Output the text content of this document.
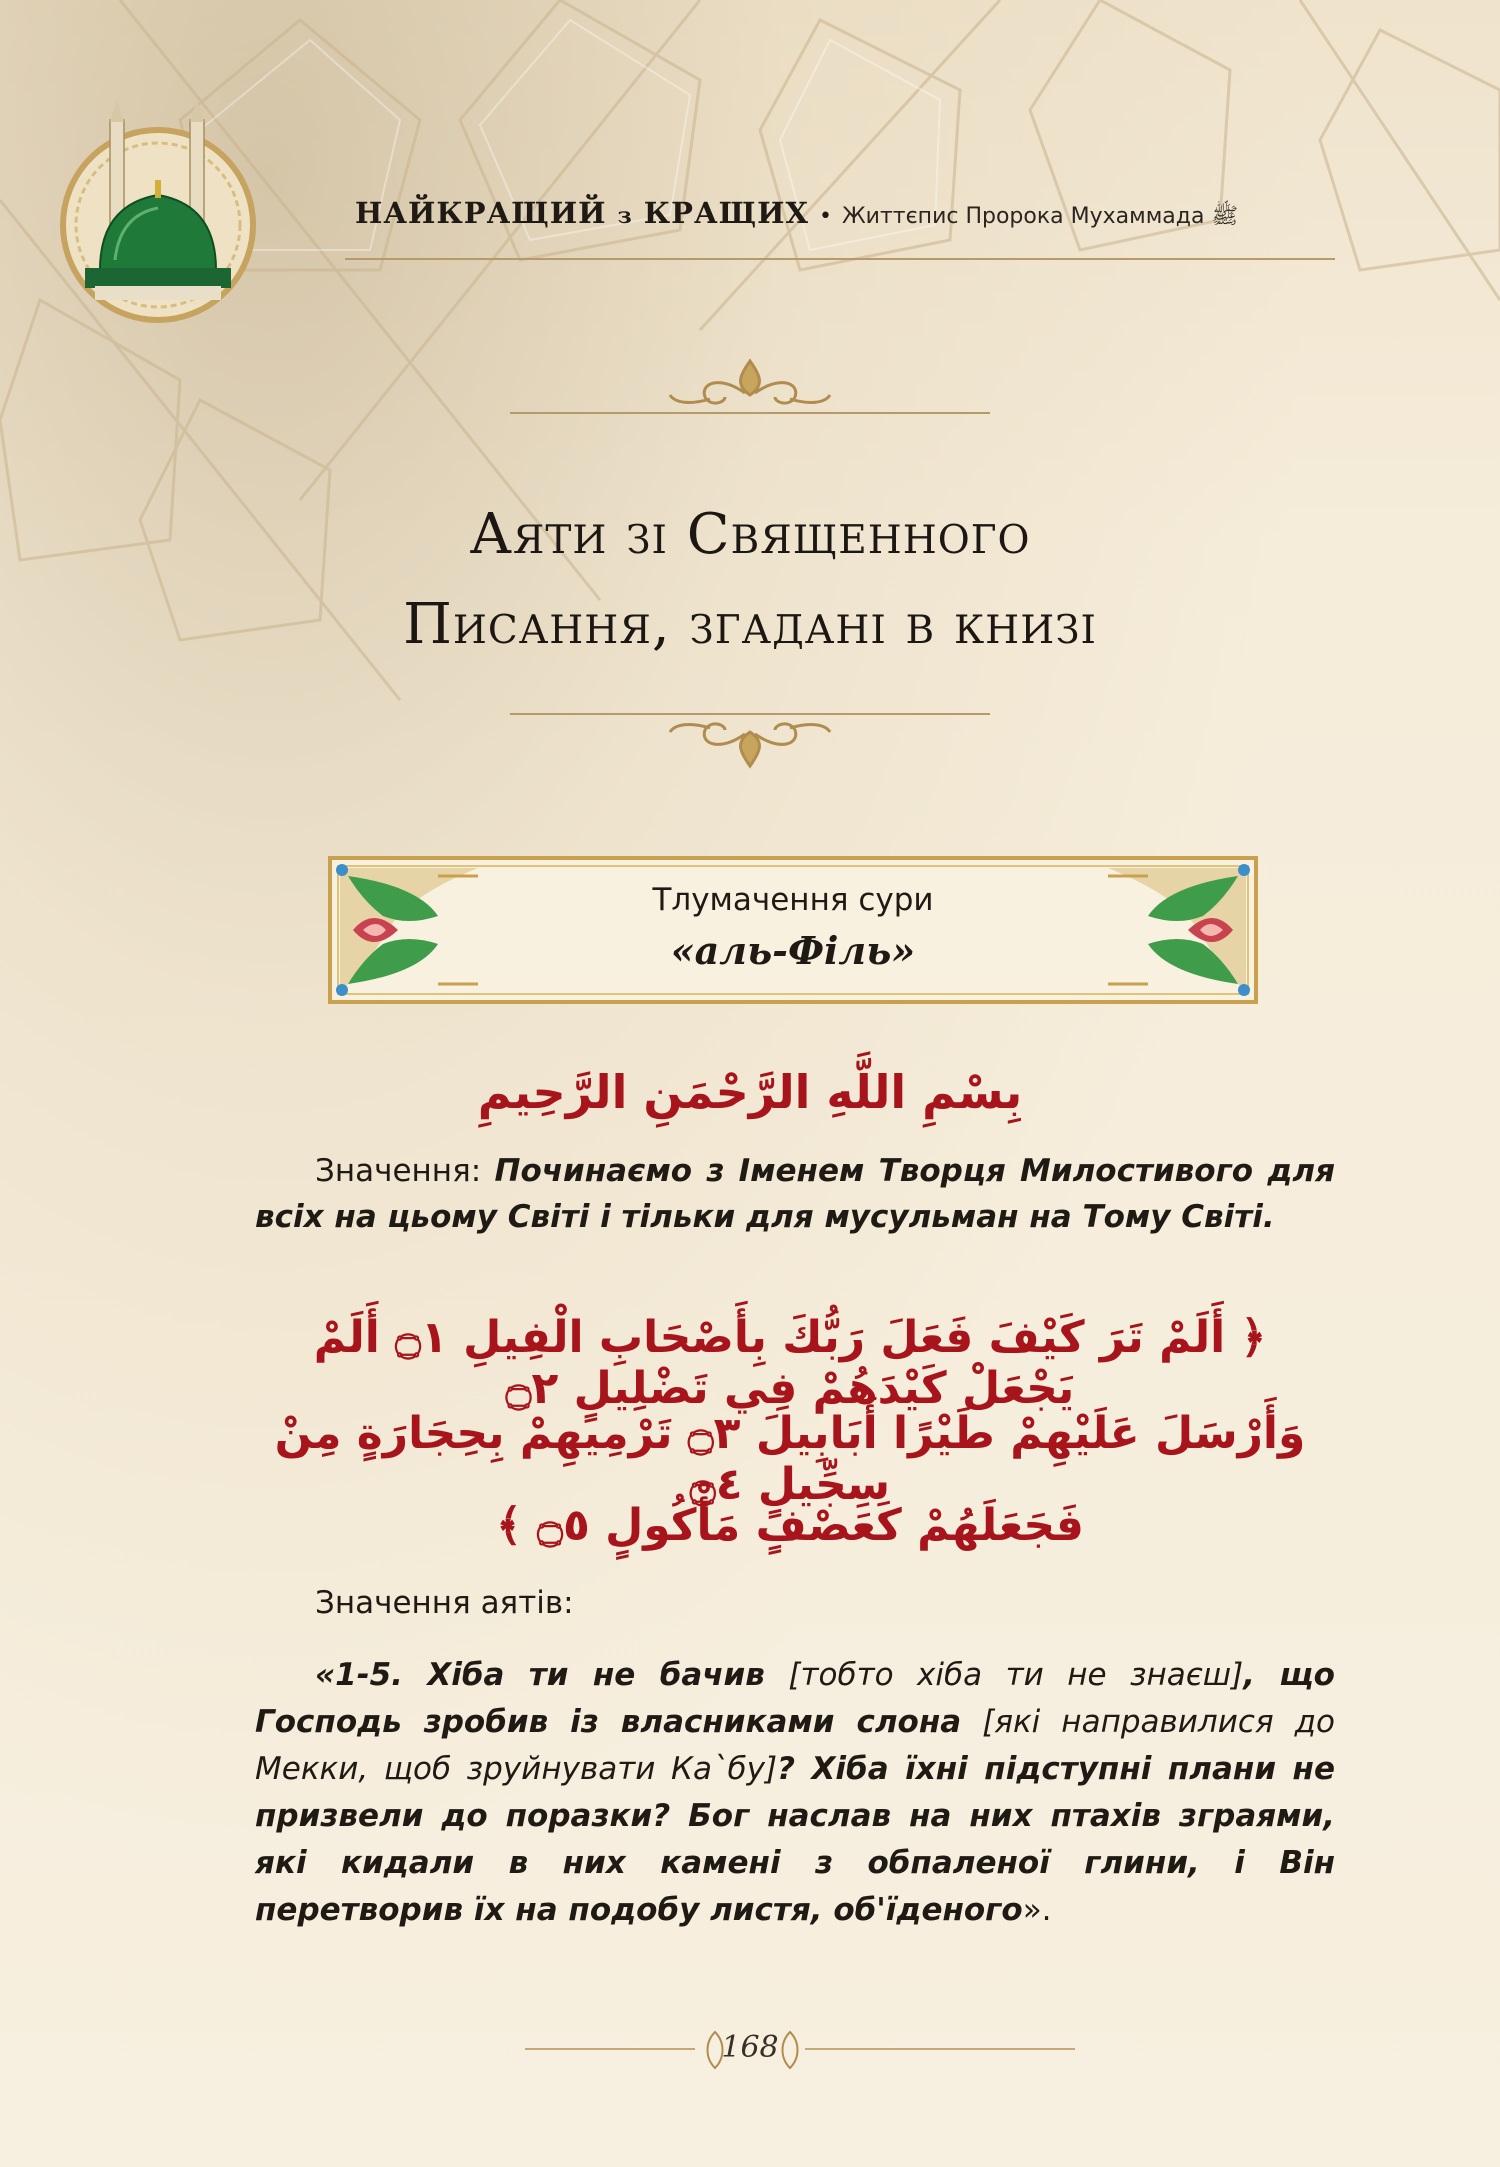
НАЙКРАЩИЙ з КРАЩИХ • Життєпис Пророка Мухаммада ﷺ
Аяти зі Священного
Писання, згадані в книзі
Тлумачення сури
«аль-Філь»
بِسْمِ اللَّهِ الرَّحْمَنِ الرَّحِيمِ
Значення: Починаємо з Іменем Творця Милостивого для всіх на цьому Світі і тільки для мусульман на Тому Світі.
﴿ أَلَمْ تَرَ كَيْفَ فَعَلَ رَبُّكَ بِأَصْحَابِ الْفِيلِ ۝١ أَلَمْ يَجْعَلْ كَيْدَهُمْ فِي تَضْلِيلٍ ۝٢
وَأَرْسَلَ عَلَيْهِمْ طَيْرًا أَبَابِيلَ ۝٣ تَرْمِيهِمْ بِحِجَارَةٍ مِنْ سِجِّيلٍ ۝٤
فَجَعَلَهُمْ كَعَصْفٍ مَأْكُولٍ ۝٥ ﴾
Значення аятів:
«1-5. Хіба ти не бачив [тобто хіба ти не знаєш], що Господь зробив із власниками слона [які направилися до Мекки, щоб зруйнувати Ка`бу]? Хіба їхні підступні плани не призвели до поразки? Бог наслав на них птахів зграями, які кидали в них камені з обпаленої глини, і Він перетворив їх на подобу листя, об'їденого».
168
